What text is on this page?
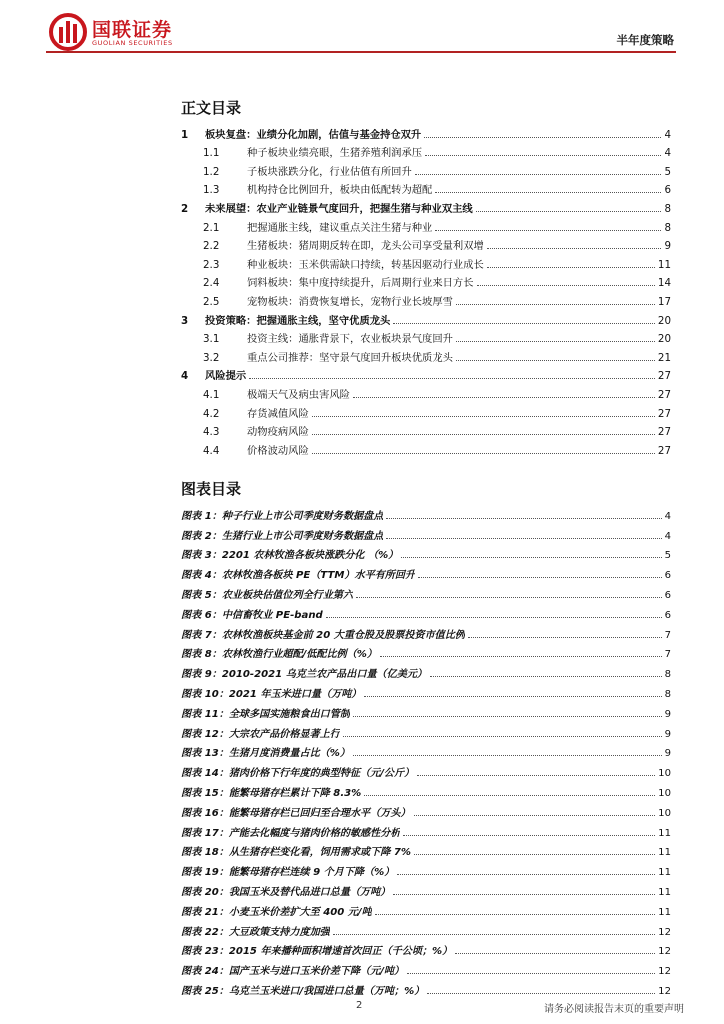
国联证券
GUOLIAN SECURITIES	半年度策略
正文目录
1	板块复盘：业绩分化加剧，估值与基金持仓双升	4
1.1	种子板块业绩亮眼，生猪养殖利润承压	4
1.2	子板块涨跌分化，行业估值有所回升	5
1.3	机构持仓比例回升，板块由低配转为超配	6
2	未来展望：农业产业链景气度回升，把握生猪与种业双主线	8
2.1	把握通胀主线，建议重点关注生猪与种业	8
2.2	生猪板块：猪周期反转在即，龙头公司享受量利双增	9
2.3	种业板块：玉米供需缺口持续，转基因驱动行业成长	11
2.4	饲料板块：集中度持续提升，后周期行业来日方长	14
2.5	宠物板块：消费恢复增长，宠物行业长坡厚雪	17
3	投资策略：把握通胀主线，坚守优质龙头	20
3.1	投资主线：通胀背景下，农业板块景气度回升	20
3.2	重点公司推荐：坚守景气度回升板块优质龙头	21
4	风险提示	27
4.1	极端天气及病虫害风险	27
4.2	存货减值风险	27
4.3	动物疫病风险	27
4.4	价格波动风险	27
图表目录
图表 1：种子行业上市公司季度财务数据盘点	4
图表 2：生猪行业上市公司季度财务数据盘点	4
图表 3：2201 农林牧渔各板块涨跌分化 （%）	5
图表 4：农林牧渔各板块 PE（TTM）水平有所回升	6
图表 5：农业板块估值位列全行业第六	6
图表 6：中信畜牧业 PE-band	6
图表 7：农林牧渔板块基金前 20 大重仓股及股票投资市值比例	7
图表 8：农林牧渔行业超配/低配比例（%）	7
图表 9：2010-2021 乌克兰农产品出口量（亿美元）	8
图表 10：2021 年玉米进口量（万吨）	8
图表 11：全球多国实施粮食出口管制	9
图表 12：大宗农产品价格显著上行	9
图表 13：生猪月度消费量占比（%）	9
图表 14：猪肉价格下行年度的典型特征（元/公斤）	10
图表 15：能繁母猪存栏累计下降 8.3%	10
图表 16：能繁母猪存栏已回归至合理水平（万头）	10
图表 17：产能去化幅度与猪肉价格的敏感性分析	11
图表 18：从生猪存栏变化看，饲用需求或下降 7%	11
图表 19：能繁母猪存栏连续 9 个月下降（%）	11
图表 20：我国玉米及替代品进口总量（万吨）	11
图表 21：小麦玉米价差扩大至 400 元/吨	11
图表 22：大豆政策支持力度加强	12
图表 23：2015 年来播种面积增速首次回正（千公顷；%）	12
图表 24：国产玉米与进口玉米价差下降（元/吨）	12
图表 25：乌克兰玉米进口/我国进口总量（万吨；%）	12
2	请务必阅读报告末页的重要声明
